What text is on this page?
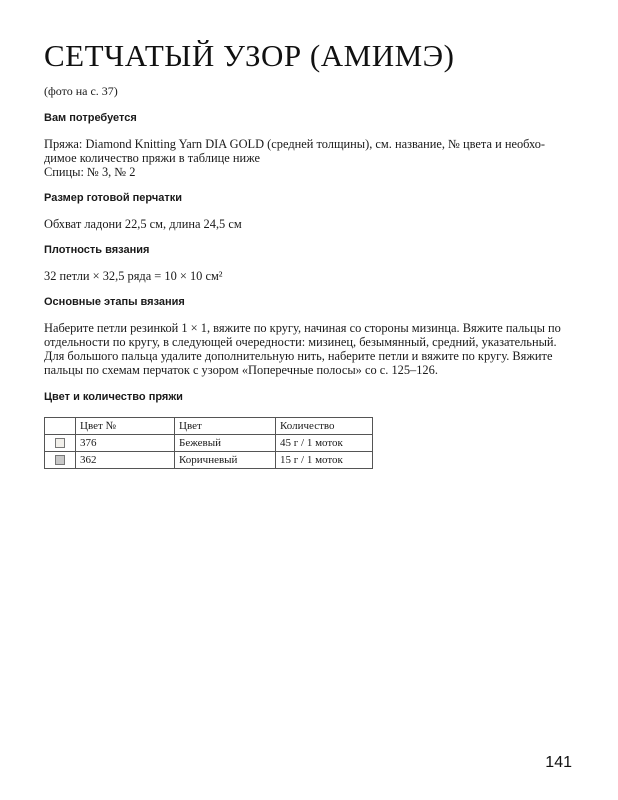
СЕТЧАТЫЙ УЗОР (АМИМЭ)
(фото на с. 37)
Вам потребуется
Пряжа: Diamond Knitting Yarn DIA GOLD (средней толщины), см. название, № цвета и необхо-
димое количество пряжи в таблице ниже
Спицы: № 3, № 2
Размер готовой перчатки
Обхват ладони 22,5 см, длина 24,5 см
Плотность вязания
32 петли × 32,5 ряда = 10 × 10 см²
Основные этапы вязания
Наберите петли резинкой 1 × 1, вяжите по кругу, начиная со стороны мизинца. Вяжите пальцы по
отдельности по кругу, в следующей очередности: мизинец, безымянный, средний, указательный.
Для большого пальца удалите дополнительную нить, наберите петли и вяжите по кругу. Вяжите
пальцы по схемам перчаток с узором «Поперечные полосы» со с. 125–126.
Цвет и количество пряжи
	Цвет №	Цвет	Количество
	376	Бежевый	45 г / 1 моток
	362	Коричневый	15 г / 1 моток
141
